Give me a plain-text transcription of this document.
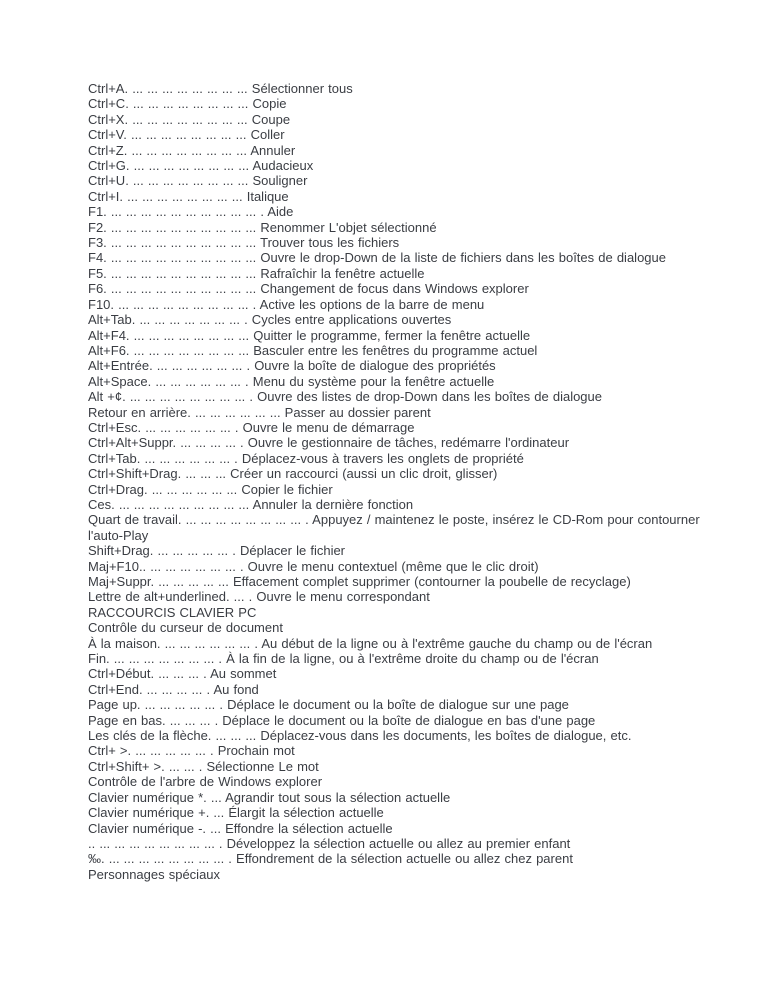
Ctrl+A. ... ... ... ... ... ... ... ... Sélectionner tous
Ctrl+C. ... ... ... ... ... ... ... ... Copie
Ctrl+X. ... ... ... ... ... ... ... ... Coupe
Ctrl+V. ... ... ... ... ... ... ... ... Coller
Ctrl+Z. ... ... ... ... ... ... ... ... Annuler
Ctrl+G. ... ... ... ... ... ... ... ... Audacieux
Ctrl+U. ... ... ... ... ... ... ... ... Souligner
Ctrl+I. ... ... ... ... ... ... ... ... Italique
F1. ... ... ... ... ... ... ... ... ... ... . Aide
F2. ... ... ... ... ... ... ... ... ... ... Renommer L'objet sélectionné
F3. ... ... ... ... ... ... ... ... ... ... Trouver tous les fichiers
F4. ... ... ... ... ... ... ... ... ... ... Ouvre le drop-Down de la liste de fichiers dans les boîtes de dialogue
F5. ... ... ... ... ... ... ... ... ... ... Rafraîchir la fenêtre actuelle
F6. ... ... ... ... ... ... ... ... ... ... Changement de focus dans Windows explorer
F10. ... ... ... ... ... ... ... ... ... . Active les options de la barre de menu
Alt+Tab. ... ... ... ... ... ... ... . Cycles entre applications ouvertes
Alt+F4. ... ... ... ... ... ... ... ... Quitter le programme, fermer la fenêtre actuelle
Alt+F6. ... ... ... ... ... ... ... ... Basculer entre les fenêtres du programme actuel
Alt+Entrée. ... ... ... ... ... ... . Ouvre la boîte de dialogue des propriétés
Alt+Space. ... ... ... ... ... ... . Menu du système pour la fenêtre actuelle
Alt +¢. ... ... ... ... ... ... ... ... . Ouvre des listes de drop-Down dans les boîtes de dialogue
Retour en arrière. ... ... ... ... ... ... Passer au dossier parent
Ctrl+Esc. ... ... ... ... ... ... . Ouvre le menu de démarrage
Ctrl+Alt+Suppr. ... ... ... ... . Ouvre le gestionnaire de tâches, redémarre l'ordinateur
Ctrl+Tab. ... ... ... ... ... ... . Déplacez-vous à travers les onglets de propriété
Ctrl+Shift+Drag. ... ... ... Créer un raccourci (aussi un clic droit, glisser)
Ctrl+Drag. ... ... ... ... ... ... Copier le fichier
Ces. ... ... ... ... ... ... ... ... ... Annuler la dernière fonction
Quart de travail. ... ... ... ... ... ... ... ... . Appuyez / maintenez le poste, insérez le CD-Rom pour contourner l'auto-Play
Shift+Drag. ... ... ... ... ... . Déplacer le fichier
Maj+F10.. ... ... ... ... ... ... . Ouvre le menu contextuel (même que le clic droit)
Maj+Suppr. ... ... ... ... ... Effacement complet supprimer (contourner la poubelle de recyclage)
Lettre de alt+underlined. ... . Ouvre le menu correspondant
RACCOURCIS CLAVIER PC
Contrôle du curseur de document
À la maison. ... ... ... ... ... ... . Au début de la ligne ou à l'extrême gauche du champ ou de l'écran
Fin. ... ... ... ... ... ... ... . À la fin de la ligne, ou à l'extrême droite du champ ou de l'écran
Ctrl+Début. ... ... ... . Au sommet
Ctrl+End. ... ... ... ... . Au fond
Page up. ... ... ... ... ... . Déplace le document ou la boîte de dialogue sur une page
Page en bas. ... ... ... . Déplace le document ou la boîte de dialogue en bas d'une page
Les clés de la flèche. ... ... ... Déplacez-vous dans les documents, les boîtes de dialogue, etc.
Ctrl+ >. ... ... ... ... ... . Prochain mot
Ctrl+Shift+ >. ... ... . Sélectionne Le mot
Contrôle de l'arbre de Windows explorer
Clavier numérique *. ... Agrandir tout sous la sélection actuelle
Clavier numérique +. ... Élargit la sélection actuelle
Clavier numérique -. ... Effondre la sélection actuelle
.. ... ... ... ... ... ... ... ... . Développez la sélection actuelle ou allez au premier enfant
‰. ... ... ... ... ... ... ... ... . Effondrement de la sélection actuelle ou allez chez parent
Personnages spéciaux
